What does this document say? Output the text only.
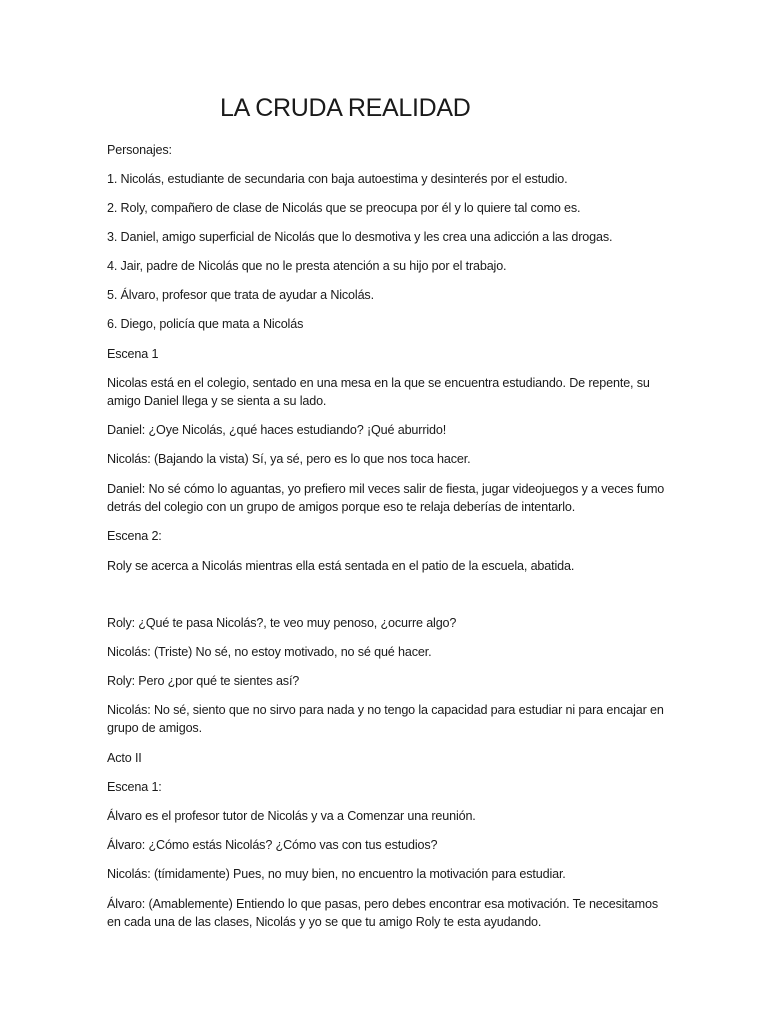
LA CRUDA REALIDAD

Personajes:

1. Nicolás, estudiante de secundaria con baja autoestima y desinterés por el estudio.

2. Roly, compañero de clase de Nicolás que se preocupa por él y lo quiere tal como es.

3. Daniel, amigo superficial de Nicolás que lo desmotiva y les crea una adicción a las drogas.

4. Jair, padre de Nicolás que no le presta atención a su hijo por el trabajo.

5. Álvaro, profesor que trata de ayudar a Nicolás.

6. Diego, policía que mata a Nicolás

Escena 1

Nicolas está en el colegio, sentado en una mesa en la que se encuentra estudiando. De repente, su amigo Daniel llega y se sienta a su lado.

Daniel: ¿Oye Nicolás, ¿qué haces estudiando? ¡Qué aburrido!

Nicolás: (Bajando la vista) Sí, ya sé, pero es lo que nos toca hacer.

Daniel: No sé cómo lo aguantas, yo prefiero mil veces salir de fiesta, jugar videojuegos y a veces fumo detrás del colegio con un grupo de amigos porque eso te relaja deberías de intentarlo.

Escena 2:

Roly se acerca a Nicolás mientras ella está sentada en el patio de la escuela, abatida.

Roly: ¿Qué te pasa Nicolás?, te veo muy penoso, ¿ocurre algo?

Nicolás: (Triste) No sé, no estoy motivado, no sé qué hacer.

Roly: Pero ¿por qué te sientes así?

Nicolás: No sé, siento que no sirvo para nada y no tengo la capacidad para estudiar ni para encajar en grupo de amigos.

Acto II

Escena 1:

Álvaro es el profesor tutor de Nicolás y va a Comenzar una reunión.

Álvaro: ¿Cómo estás Nicolás? ¿Cómo vas con tus estudios?

Nicolás: (tímidamente) Pues, no muy bien, no encuentro la motivación para estudiar.

Álvaro: (Amablemente) Entiendo lo que pasas, pero debes encontrar esa motivación. Te necesitamos en cada una de las clases, Nicolás y yo se que tu amigo Roly te esta ayudando.
